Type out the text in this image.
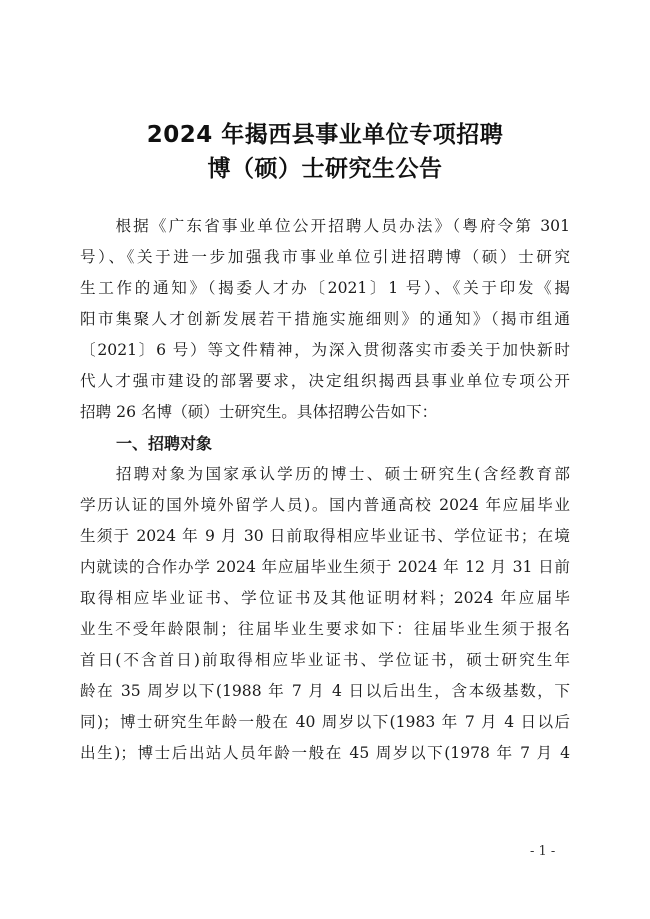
2024 年揭西县事业单位专项招聘
博（硕）士研究生公告
　　根据《广东省事业单位公开招聘人员办法》（粤府令第 301
号）、《关于进一步加强我市事业单位引进招聘博（硕）士研究
生工作的通知》（揭委人才办〔2021〕1 号）、《关于印发《揭
阳市集聚人才创新发展若干措施实施细则》的通知》（揭市组通
〔2021〕6 号）等文件精神，为深入贯彻落实市委关于加快新时
代人才强市建设的部署要求，决定组织揭西县事业单位专项公开
招聘 26 名博（硕）士研究生。具体招聘公告如下：
一、招聘对象
　　招聘对象为国家承认学历的博士、硕士研究生(含经教育部
学历认证的国外境外留学人员)。国内普通高校 2024 年应届毕业
生须于 2024 年 9 月 30 日前取得相应毕业证书、学位证书；在境
内就读的合作办学 2024 年应届毕业生须于 2024 年 12 月 31 日前
取得相应毕业证书、学位证书及其他证明材料；2024 年应届毕
业生不受年龄限制；往届毕业生要求如下：往届毕业生须于报名
首日(不含首日)前取得相应毕业证书、学位证书，硕士研究生年
龄在 35 周岁以下(1988 年 7 月 4 日以后出生，含本级基数，下
同)；博士研究生年龄一般在 40 周岁以下(1983 年 7 月 4 日以后
出生)；博士后出站人员年龄一般在 45 周岁以下(1978 年 7 月 4
- 1 -
